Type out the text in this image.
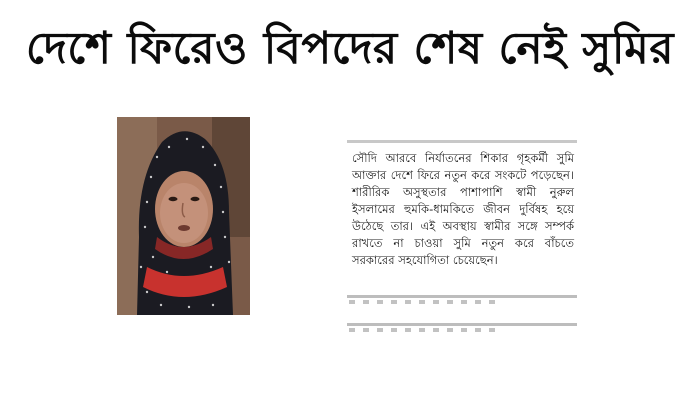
দেশে ফিরেও বিপদের শেষ নেই সুমির
সৌদি আরবে নির্যাতনের শিকার গৃহকর্মী সুমি আক্তার দেশে ফিরে নতুন করে সংকটে পড়েছেন। শারীরিক অসুস্থতার পাশাপাশি স্বামী নুরুল ইসলামের হুমকি-ধামকিতে জীবন দুর্বিষহ হয়ে উঠেছে তার। এই অবস্থায় স্বামীর সঙ্গে সম্পর্ক রাখতে না চাওয়া সুমি নতুন করে বাঁচতে সরকারের সহযোগিতা চেয়েছেন।
